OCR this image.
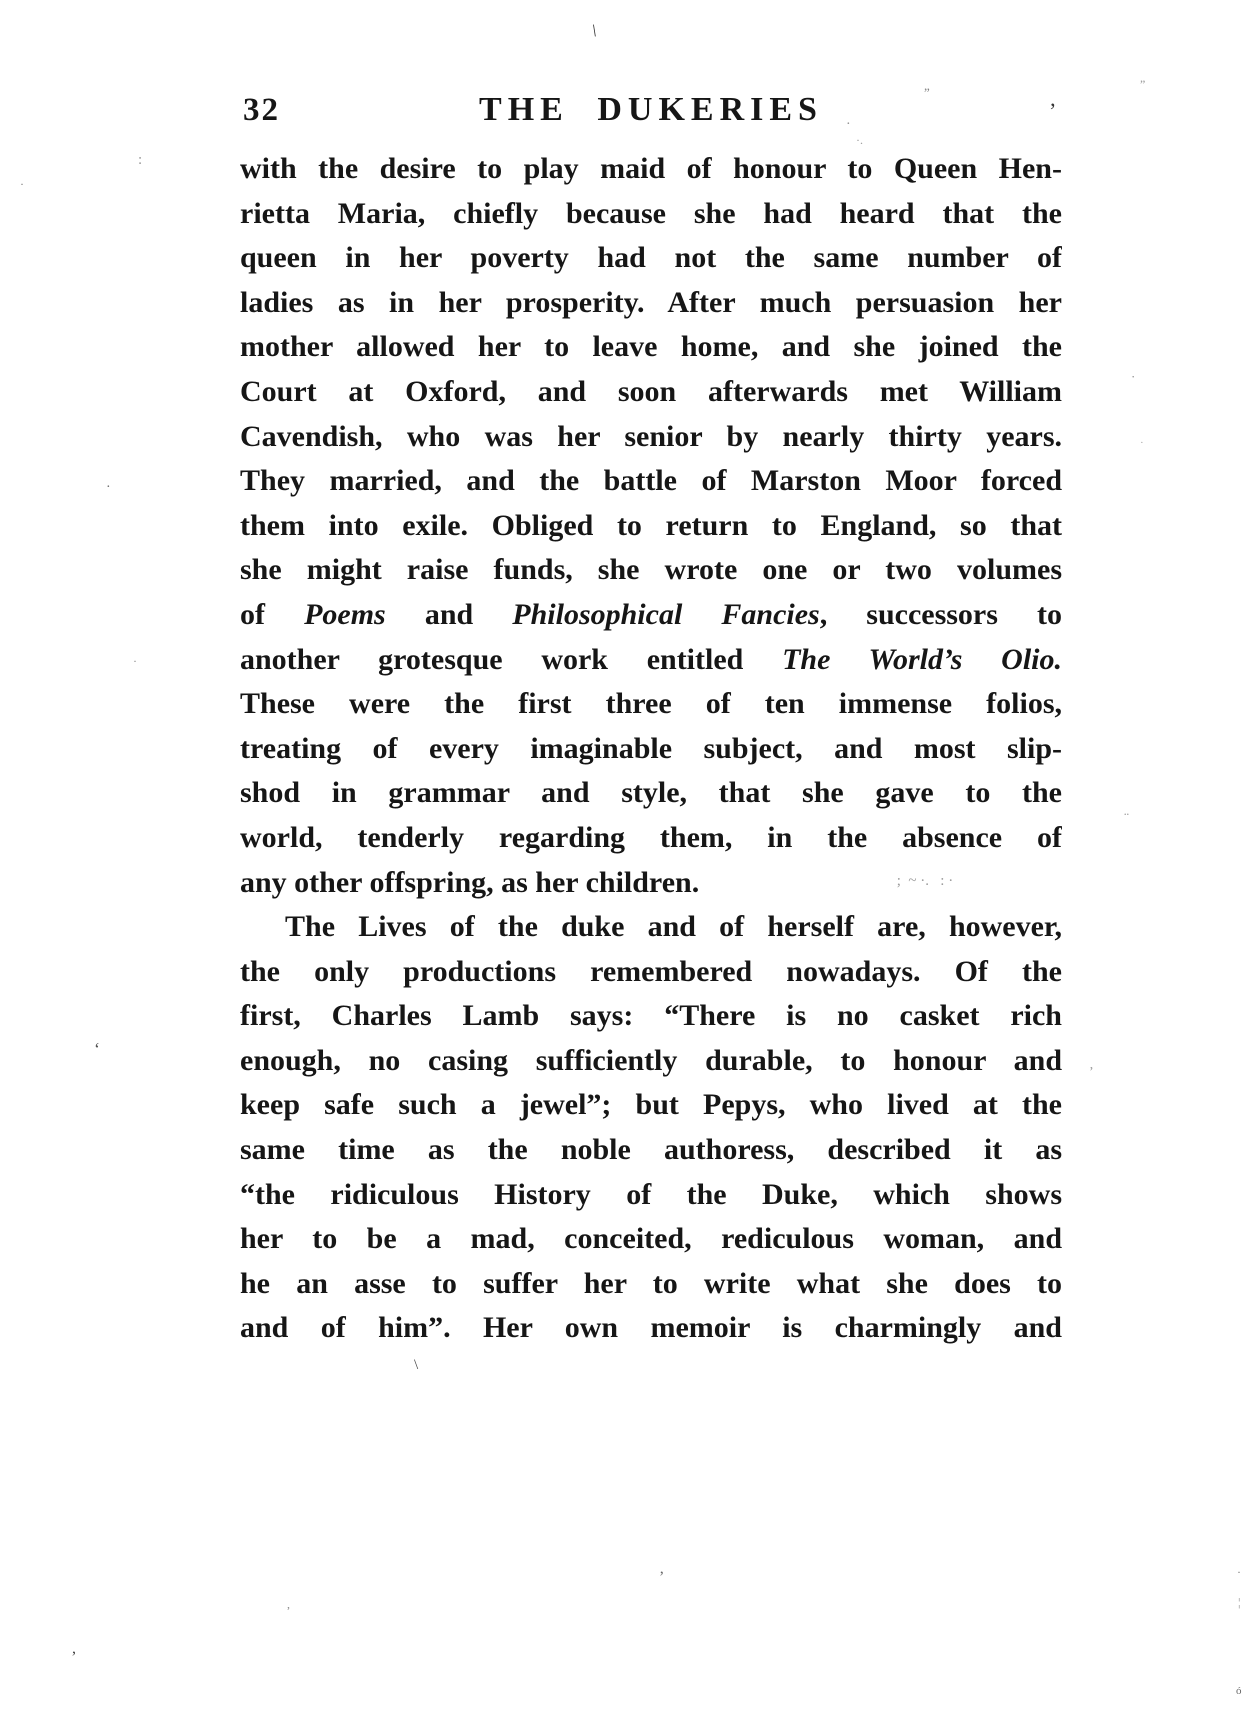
32	THE DUKERIES
with the desire to play maid of honour to Queen Hen-
rietta Maria, chiefly because she had heard that the
queen in her poverty had not the same number of
ladies as in her prosperity. After much persuasion her
mother allowed her to leave home, and she joined the
Court at Oxford, and soon afterwards met William
Cavendish, who was her senior by nearly thirty years.
They married, and the battle of Marston Moor forced
them into exile. Obliged to return to England, so that
she might raise funds, she wrote one or two volumes
of Poems and Philosophical Fancies, successors to
another grotesque work entitled The World’s Olio.
These were the first three of ten immense folios,
treating of every imaginable subject, and most slip-
shod in grammar and style, that she gave to the
world, tenderly regarding them, in the absence of
any other offspring, as her children.
The Lives of the duke and of herself are, however,
the only productions remembered nowadays. Of the
first, Charles Lamb says: “There is no casket rich
enough, no casing sufficiently durable, to honour and
keep safe such a jewel”; but Pepys, who lived at the
same time as the noble authoress, described it as
“the ridiculous History of the Duke, which shows
her to be a mad, conceited, rediculous woman, and
he an asse to suffer her to write what she does to
and of him”. Her own memoir is charmingly and
\
”
”
’
·
·.
:
·
·
·
·
·
¨
;  ~ ·.   : ·
‘
’
\
’	·
¦
,
ó
,
